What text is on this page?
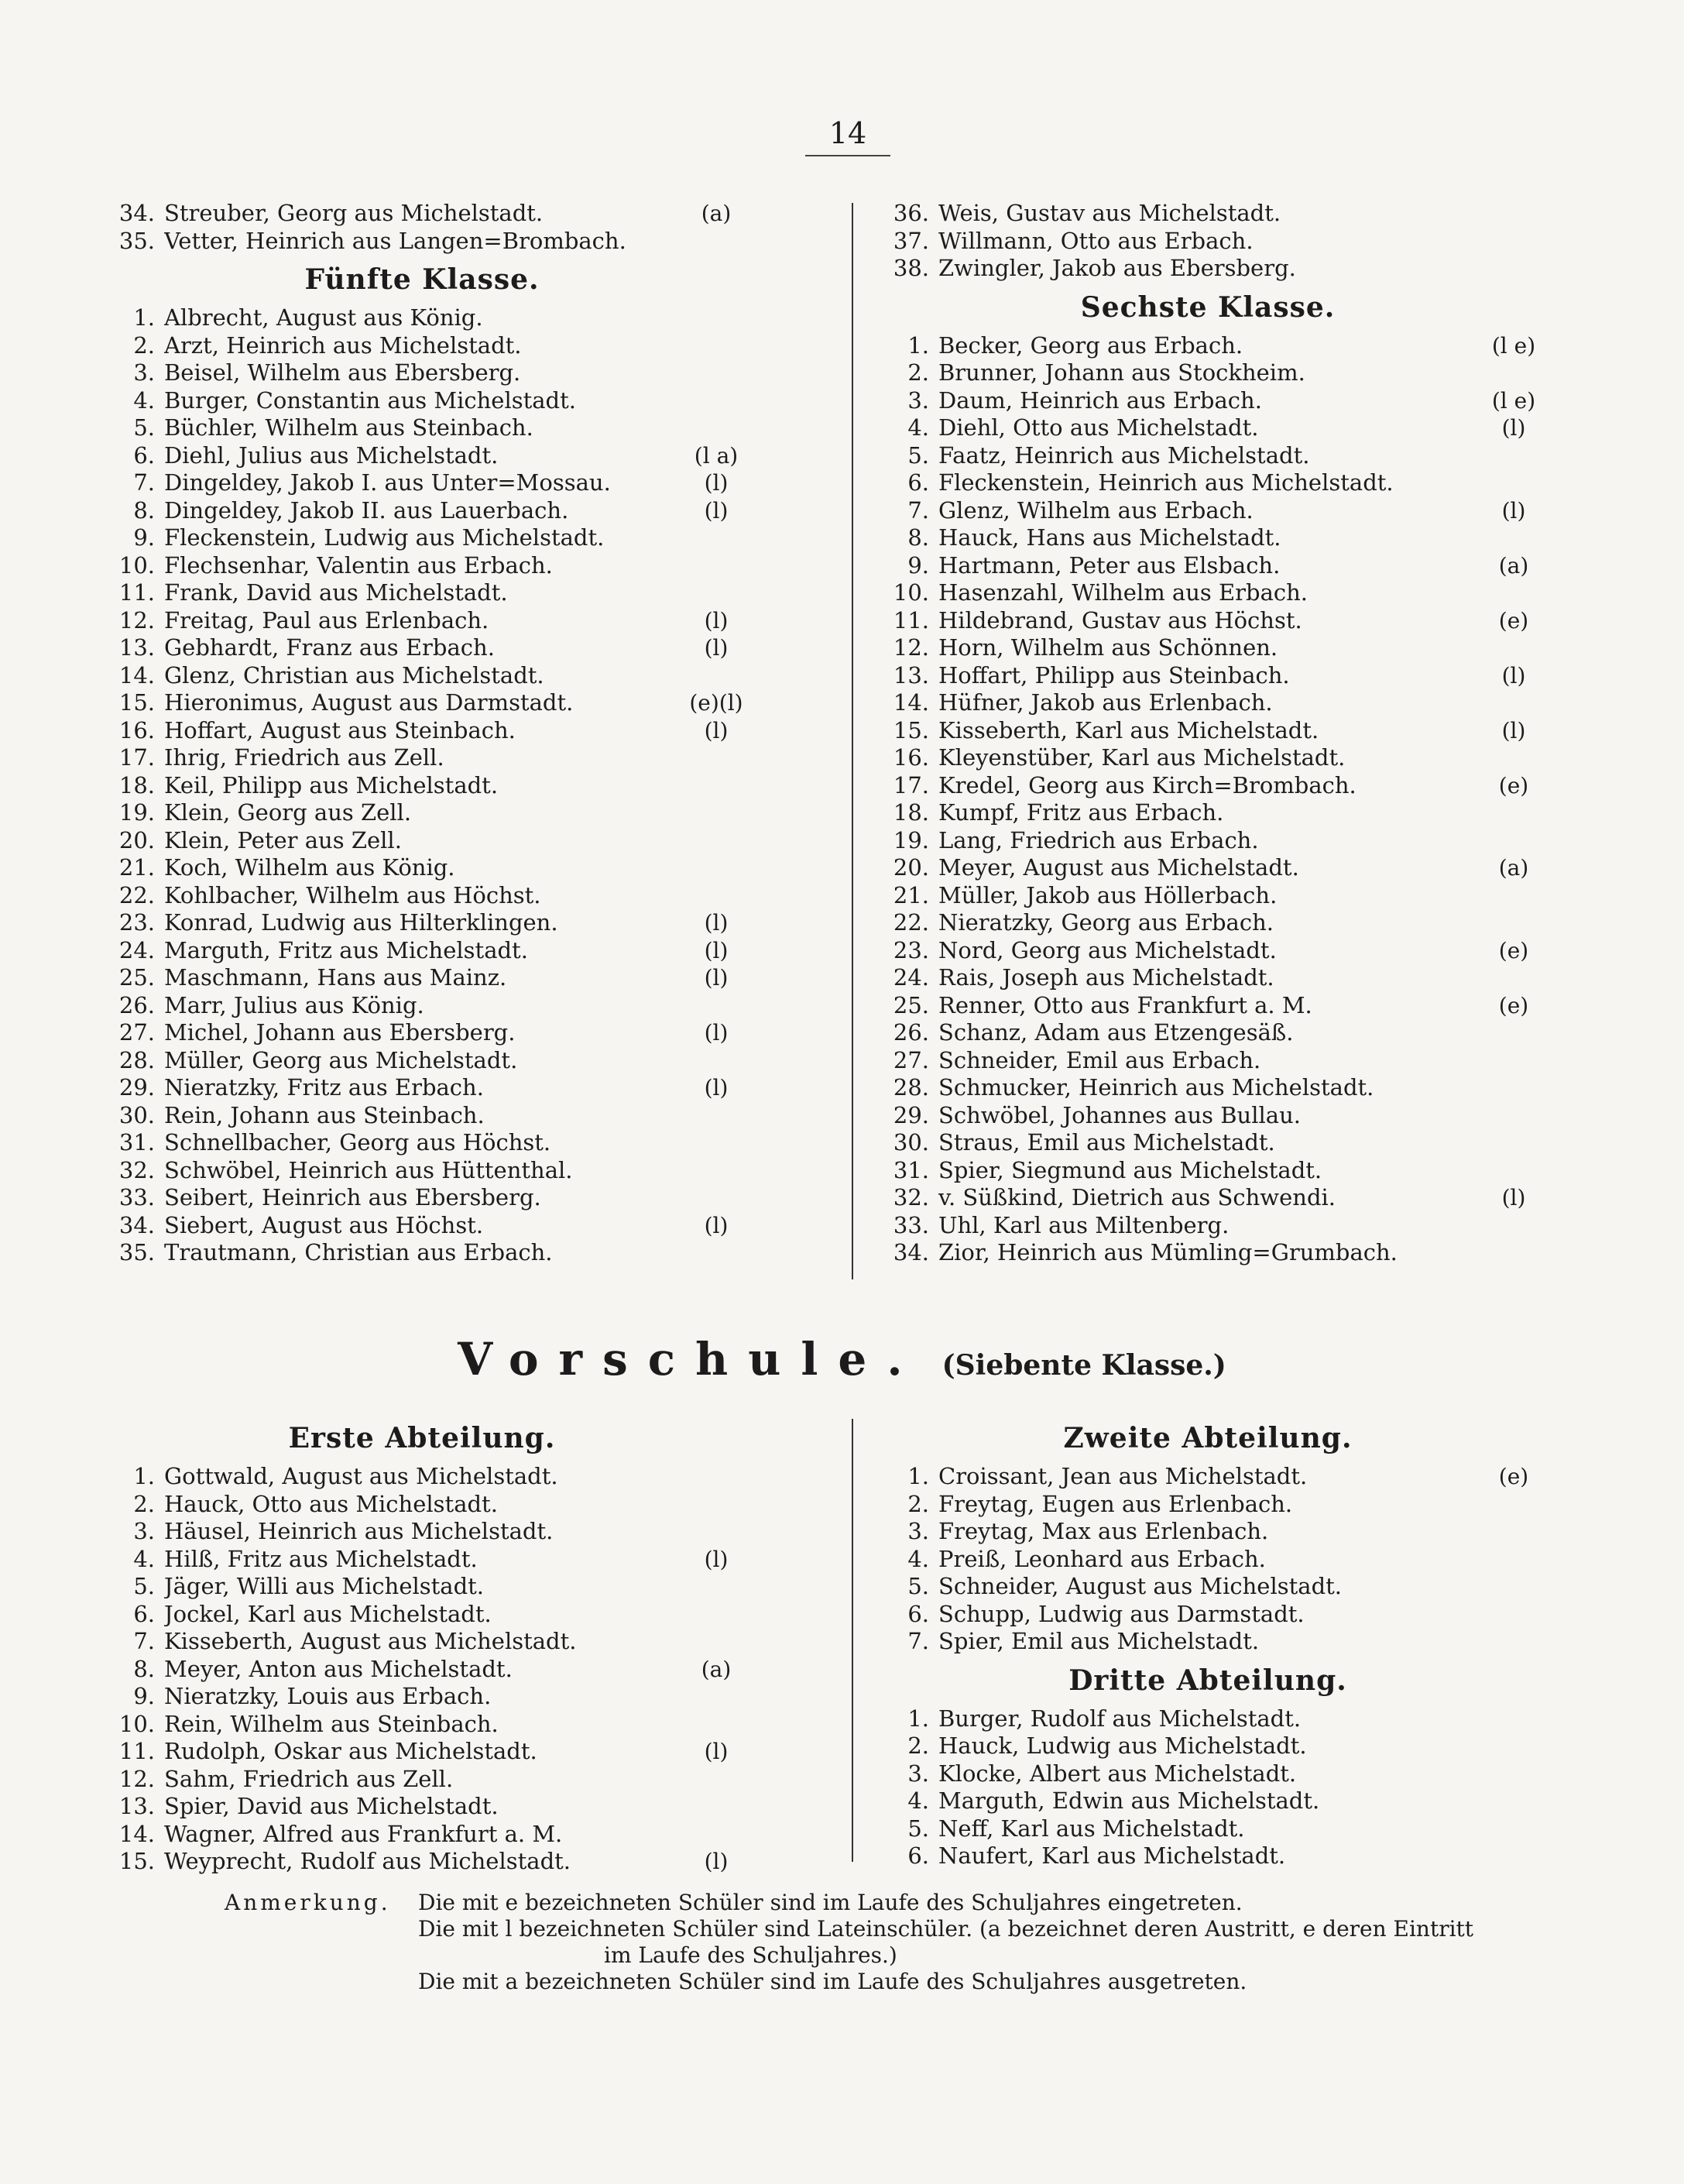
14
34. Streuber, Georg aus Michelstadt.	(a)
35. Vetter, Heinrich aus Langen=Brombach.
Fünfte Klasse.
1. Albrecht, August aus König.
2. Arzt, Heinrich aus Michelstadt.
3. Beisel, Wilhelm aus Ebersberg.
4. Burger, Constantin aus Michelstadt.
5. Büchler, Wilhelm aus Steinbach.
6. Diehl, Julius aus Michelstadt.	(l a)
7. Dingeldey, Jakob I. aus Unter=Mossau.	(l)
8. Dingeldey, Jakob II. aus Lauerbach.	(l)
9. Fleckenstein, Ludwig aus Michelstadt.
10. Flechsenhar, Valentin aus Erbach.
11. Frank, David aus Michelstadt.
12. Freitag, Paul aus Erlenbach.	(l)
13. Gebhardt, Franz aus Erbach.	(l)
14. Glenz, Christian aus Michelstadt.
15. Hieronimus, August aus Darmstadt.	(e)(l)
16. Hoffart, August aus Steinbach.	(l)
17. Ihrig, Friedrich aus Zell.
18. Keil, Philipp aus Michelstadt.
19. Klein, Georg aus Zell.
20. Klein, Peter aus Zell.
21. Koch, Wilhelm aus König.
22. Kohlbacher, Wilhelm aus Höchst.
23. Konrad, Ludwig aus Hilterklingen.	(l)
24. Marguth, Fritz aus Michelstadt.	(l)
25. Maschmann, Hans aus Mainz.	(l)
26. Marr, Julius aus König.
27. Michel, Johann aus Ebersberg.	(l)
28. Müller, Georg aus Michelstadt.
29. Nieratzky, Fritz aus Erbach.	(l)
30. Rein, Johann aus Steinbach.
31. Schnellbacher, Georg aus Höchst.
32. Schwöbel, Heinrich aus Hüttenthal.
33. Seibert, Heinrich aus Ebersberg.
34. Siebert, August aus Höchst.	(l)
35. Trautmann, Christian aus Erbach.
36. Weis, Gustav aus Michelstadt.
37. Willmann, Otto aus Erbach.
38. Zwingler, Jakob aus Ebersberg.
Sechste Klasse.
1. Becker, Georg aus Erbach.	(l e)
2. Brunner, Johann aus Stockheim.
3. Daum, Heinrich aus Erbach.	(l e)
4. Diehl, Otto aus Michelstadt.	(l)
5. Faatz, Heinrich aus Michelstadt.
6. Fleckenstein, Heinrich aus Michelstadt.
7. Glenz, Wilhelm aus Erbach.	(l)
8. Hauck, Hans aus Michelstadt.
9. Hartmann, Peter aus Elsbach.	(a)
10. Hasenzahl, Wilhelm aus Erbach.
11. Hildebrand, Gustav aus Höchst.	(e)
12. Horn, Wilhelm aus Schönnen.
13. Hoffart, Philipp aus Steinbach.	(l)
14. Hüfner, Jakob aus Erlenbach.
15. Kisseberth, Karl aus Michelstadt.	(l)
16. Kleyenstüber, Karl aus Michelstadt.
17. Kredel, Georg aus Kirch=Brombach.	(e)
18. Kumpf, Fritz aus Erbach.
19. Lang, Friedrich aus Erbach.
20. Meyer, August aus Michelstadt.	(a)
21. Müller, Jakob aus Höllerbach.
22. Nieratzky, Georg aus Erbach.
23. Nord, Georg aus Michelstadt.	(e)
24. Rais, Joseph aus Michelstadt.
25. Renner, Otto aus Frankfurt a. M.	(e)
26. Schanz, Adam aus Etzengesäß.
27. Schneider, Emil aus Erbach.
28. Schmucker, Heinrich aus Michelstadt.
29. Schwöbel, Johannes aus Bullau.
30. Straus, Emil aus Michelstadt.
31. Spier, Siegmund aus Michelstadt.
32. v. Süßkind, Dietrich aus Schwendi.	(l)
33. Uhl, Karl aus Miltenberg.
34. Zior, Heinrich aus Mümling=Grumbach.
Vorschule. (Siebente Klasse.)
Erste Abteilung.
1. Gottwald, August aus Michelstadt.
2. Hauck, Otto aus Michelstadt.
3. Häusel, Heinrich aus Michelstadt.
4. Hilß, Fritz aus Michelstadt.	(l)
5. Jäger, Willi aus Michelstadt.
6. Jockel, Karl aus Michelstadt.
7. Kisseberth, August aus Michelstadt.
8. Meyer, Anton aus Michelstadt.	(a)
9. Nieratzky, Louis aus Erbach.
10. Rein, Wilhelm aus Steinbach.
11. Rudolph, Oskar aus Michelstadt.	(l)
12. Sahm, Friedrich aus Zell.
13. Spier, David aus Michelstadt.
14. Wagner, Alfred aus Frankfurt a. M.
15. Weyprecht, Rudolf aus Michelstadt.	(l)
Zweite Abteilung.
1. Croissant, Jean aus Michelstadt.	(e)
2. Freytag, Eugen aus Erlenbach.
3. Freytag, Max aus Erlenbach.
4. Preiß, Leonhard aus Erbach.
5. Schneider, August aus Michelstadt.
6. Schupp, Ludwig aus Darmstadt.
7. Spier, Emil aus Michelstadt.
Dritte Abteilung.
1. Burger, Rudolf aus Michelstadt.
2. Hauck, Ludwig aus Michelstadt.
3. Klocke, Albert aus Michelstadt.
4. Marguth, Edwin aus Michelstadt.
5. Neff, Karl aus Michelstadt.
6. Naufert, Karl aus Michelstadt.
Anmerkung. Die mit e bezeichneten Schüler sind im Laufe des Schuljahres eingetreten.
Die mit l bezeichneten Schüler sind Lateinschüler. (a bezeichnet deren Austritt, e deren Eintritt
im Laufe des Schuljahres.)
Die mit a bezeichneten Schüler sind im Laufe des Schuljahres ausgetreten.
